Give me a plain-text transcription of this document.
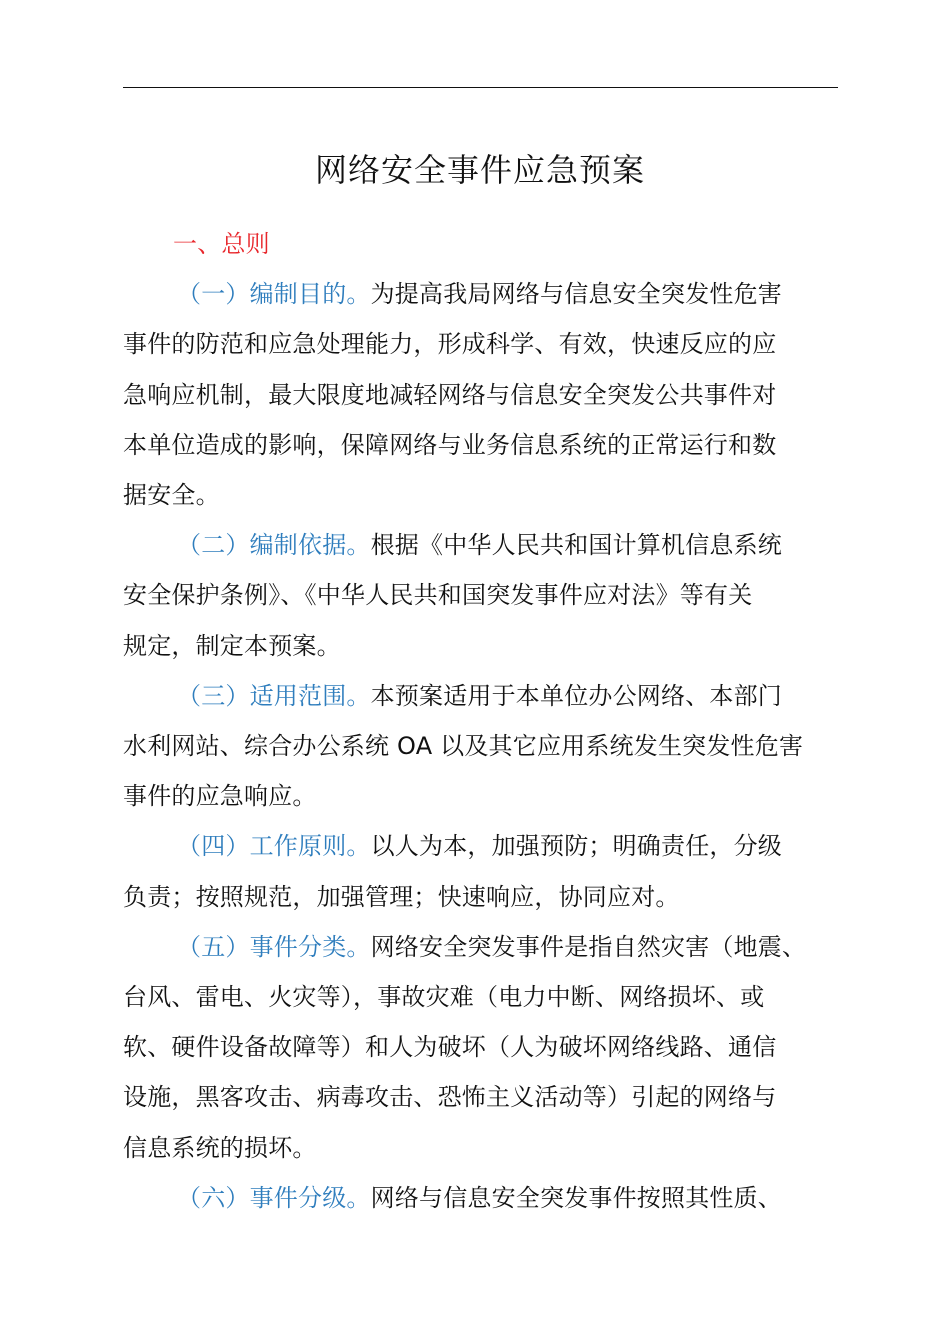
网络安全事件应急预案
一、总则

（一）编制目的。为提高我局网络与信息安全突发性危害
事件的防范和应急处理能力，形成科学、有效，快速反应的应
急响应机制，最大限度地减轻网络与信息安全突发公共事件对
本单位造成的影响，保障网络与业务信息系统的正常运行和数
据安全。

（二）编制依据。根据《中华人民共和国计算机信息系统
安全保护条例》、《中华人民共和国突发事件应对法》等有关
规定，制定本预案。

（三）适用范围。本预案适用于本单位办公网络、本部门
水利网站、综合办公系统 OA 以及其它应用系统发生突发性危害
事件的应急响应。

（四）工作原则。以人为本，加强预防；明确责任，分级
负责；按照规范，加强管理；快速响应，协同应对。

（五）事件分类。网络安全突发事件是指自然灾害（地震、
台风、雷电、火灾等），事故灾难（电力中断、网络损坏、或
软、硬件设备故障等）和人为破坏（人为破坏网络线路、通信
设施，黑客攻击、病毒攻击、恐怖主义活动等）引起的网络与
信息系统的损坏。

（六）事件分级。网络与信息安全突发事件按照其性质、
